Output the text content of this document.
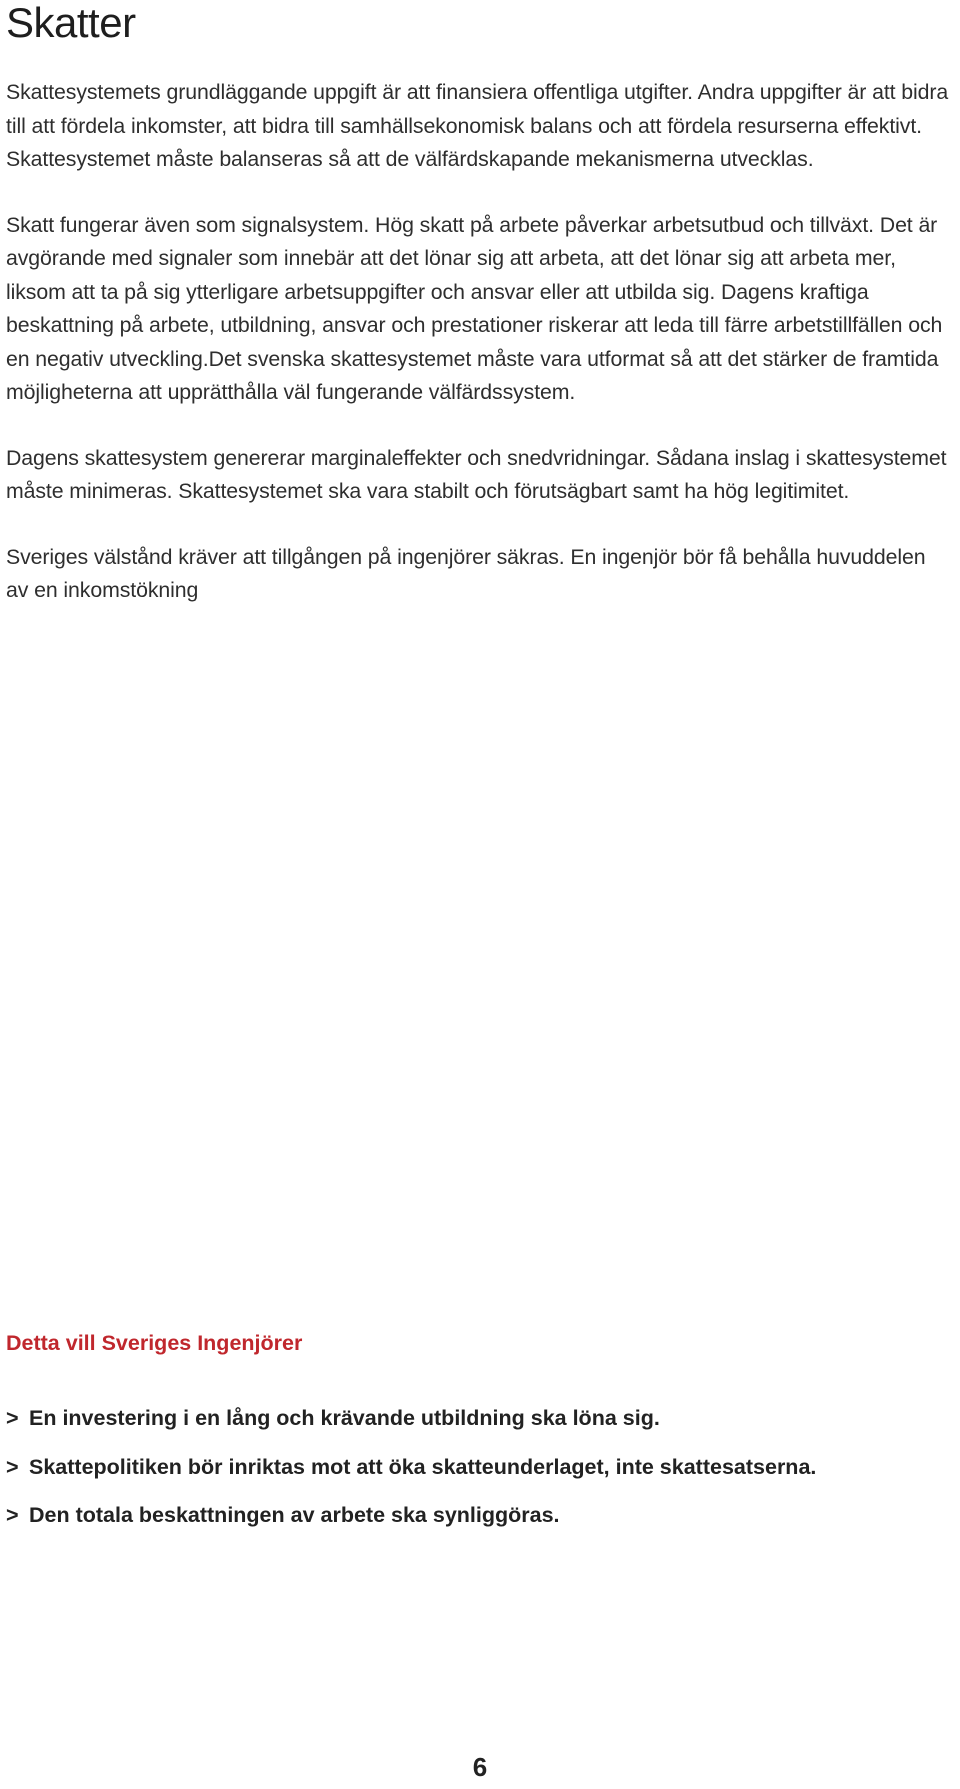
Skatter

Skattesystemets grundläggande uppgift är att finansiera offentliga utgifter. Andra uppgifter är att bidra till att fördela inkomster, att bidra till samhällsekonomisk balans och att fördela resurserna effektivt. Skattesystemet måste balanseras så att de välfärdskapande mekanismerna utvecklas.

Skatt fungerar även som signalsystem. Hög skatt på arbete påverkar arbetsutbud och tillväxt. Det är avgörande med signaler som innebär att det lönar sig att arbeta, att det lönar sig att arbeta mer, liksom att ta på sig ytterligare arbetsuppgifter och ansvar eller att utbilda sig. Dagens kraftiga beskattning på arbete, utbildning, ansvar och prestationer riskerar att leda till färre arbetstillfällen och en negativ utveckling.Det svenska skattesystemet måste vara utformat så att det stärker de framtida möjligheterna att upprätthålla väl fungerande välfärdssystem.

Dagens skattesystem genererar marginaleffekter och snedvridningar. Sådana inslag i skattesystemet måste minimeras. Skattesystemet ska vara stabilt och förutsägbart samt ha hög legitimitet.

Sveriges välstånd kräver att tillgången på ingenjörer säkras. En ingenjör bör få behålla huvuddelen av en inkomstökning

Detta vill Sveriges Ingenjörer
> En investering i en lång och krävande utbildning ska löna sig.
> Skattepolitiken bör inriktas mot att öka skatteunderlaget, inte skattesatserna.
> Den totala beskattningen av arbete ska synliggöras.
6
